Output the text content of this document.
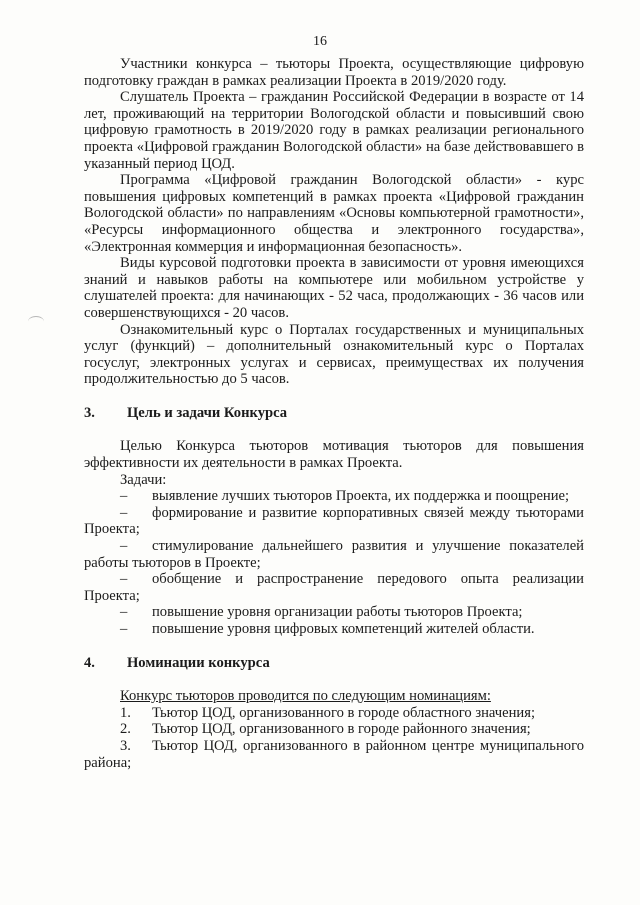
16

Участники конкурса – тьюторы Проекта, осуществляющие цифровую подготовку граждан в рамках реализации Проекта в 2019/2020 году.

Слушатель Проекта – гражданин Российской Федерации в возрасте от 14 лет, проживающий на территории Вологодской области и повысивший свою цифровую грамотность в 2019/2020 году в рамках реализации регионального проекта «Цифровой гражданин Вологодской области» на базе действовавшего в указанный период ЦОД.

Программа «Цифровой гражданин Вологодской области» - курс повышения цифровых компетенций в рамках проекта «Цифровой гражданин Вологодской области» по направлениям «Основы компьютерной грамотности», «Ресурсы информационного общества и электронного государства», «Электронная коммерция и информационная безопасность».

Виды курсовой подготовки проекта в зависимости от уровня имеющихся знаний и навыков работы на компьютере или мобильном устройстве у слушателей проекта: для начинающих - 52 часа, продолжающих - 36 часов или совершенствующихся - 20 часов.

Ознакомительный курс о Порталах государственных и муниципальных услуг (функций) – дополнительный ознакомительный курс о Порталах госуслуг, электронных услугах и сервисах, преимуществах их получения продолжительностью до 5 часов.

3. Цель и задачи Конкурса

Целью Конкурса тьюторов мотивация тьюторов для повышения эффективности их деятельности в рамках Проекта.

Задачи:

– выявление лучших тьюторов Проекта, их поддержка и поощрение;

– формирование и развитие корпоративных связей между тьюторами Проекта;

– стимулирование дальнейшего развития и улучшение показателей работы тьюторов в Проекте;

– обобщение и распространение передового опыта реализации Проекта;

– повышение уровня организации работы тьюторов Проекта;

– повышение уровня цифровых компетенций жителей области.

4. Номинации конкурса

Конкурс тьюторов проводится по следующим номинациям:

1. Тьютор ЦОД, организованного в городе областного значения;

2. Тьютор ЦОД, организованного в городе районного значения;

3. Тьютор ЦОД, организованного в районном центре муниципального района;
